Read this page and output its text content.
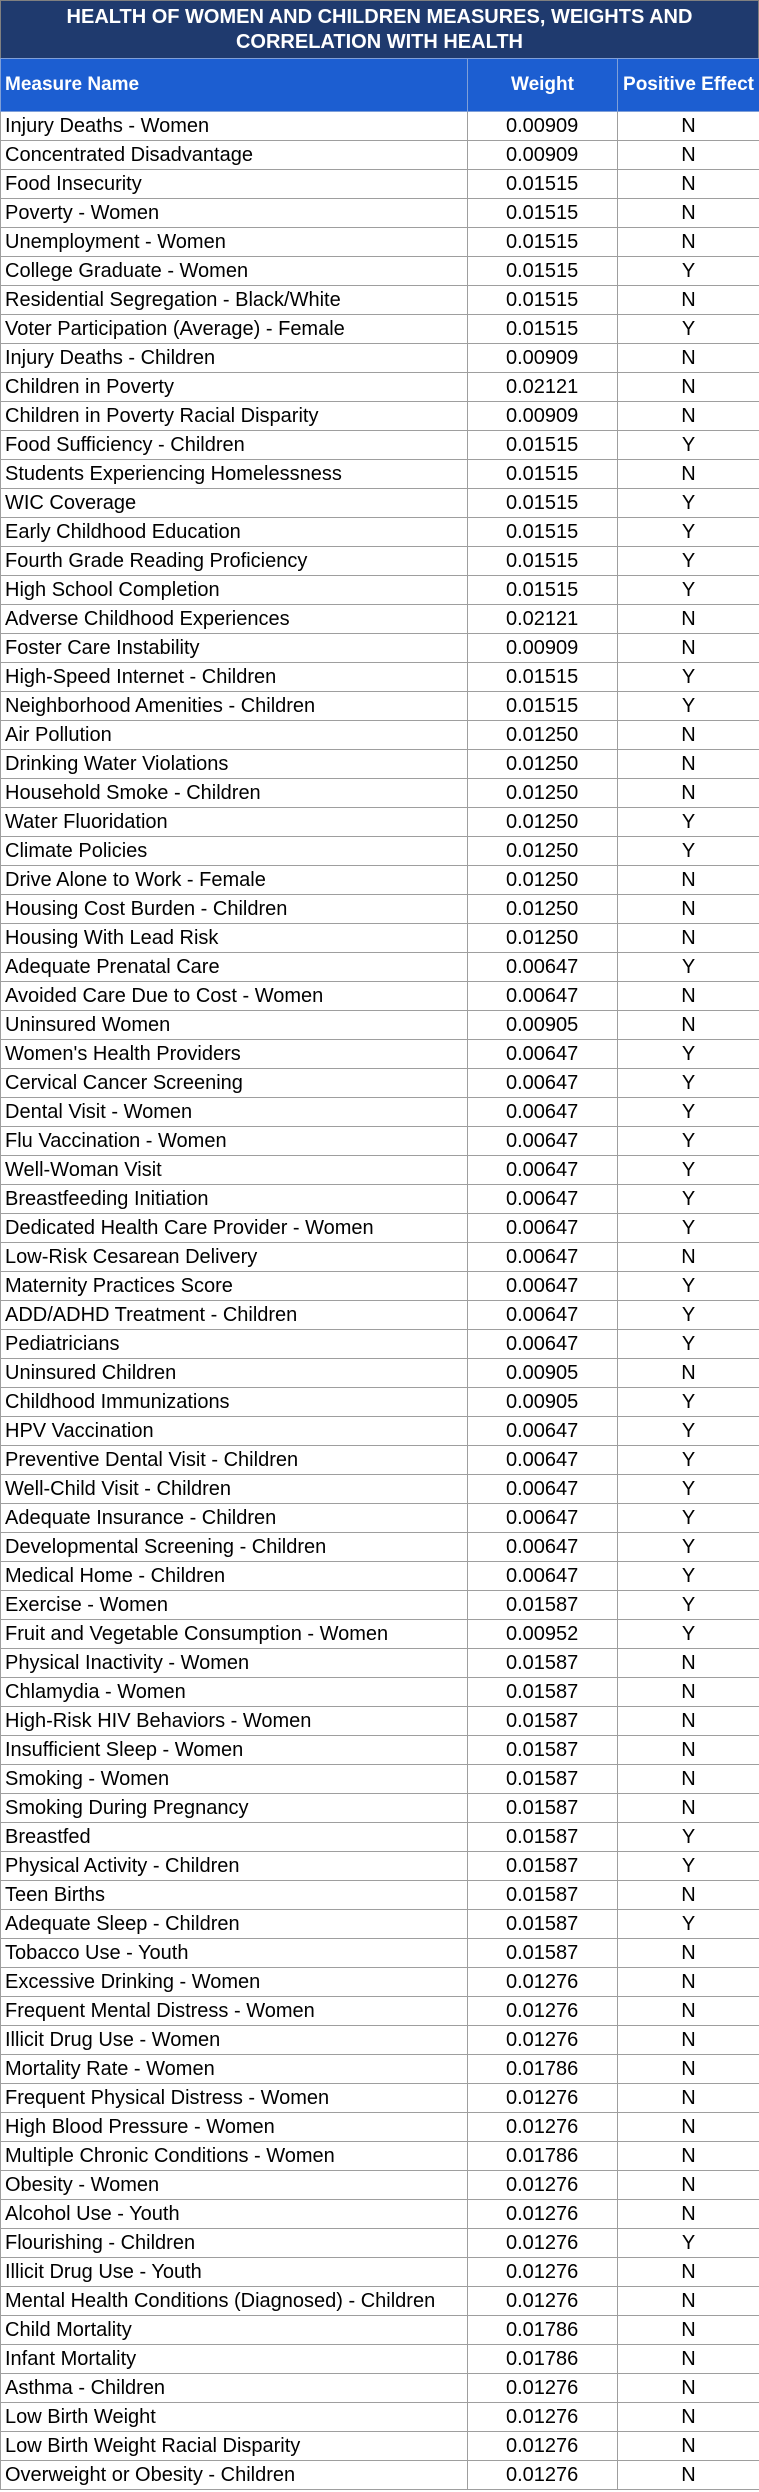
HEALTH OF WOMEN AND CHILDREN MEASURES, WEIGHTS AND CORRELATION WITH HEALTH
Measure Name	Weight	Positive Effect
Injury Deaths - Women	0.00909	N
Concentrated Disadvantage	0.00909	N
Food Insecurity	0.01515	N
Poverty - Women	0.01515	N
Unemployment - Women	0.01515	N
College Graduate - Women	0.01515	Y
Residential Segregation - Black/White	0.01515	N
Voter Participation (Average) - Female	0.01515	Y
Injury Deaths - Children	0.00909	N
Children in Poverty	0.02121	N
Children in Poverty Racial Disparity	0.00909	N
Food Sufficiency - Children	0.01515	Y
Students Experiencing Homelessness	0.01515	N
WIC Coverage	0.01515	Y
Early Childhood Education	0.01515	Y
Fourth Grade Reading Proficiency	0.01515	Y
High School Completion	0.01515	Y
Adverse Childhood Experiences	0.02121	N
Foster Care Instability	0.00909	N
High-Speed Internet - Children	0.01515	Y
Neighborhood Amenities - Children	0.01515	Y
Air Pollution	0.01250	N
Drinking Water Violations	0.01250	N
Household Smoke - Children	0.01250	N
Water Fluoridation	0.01250	Y
Climate Policies	0.01250	Y
Drive Alone to Work - Female	0.01250	N
Housing Cost Burden - Children	0.01250	N
Housing With Lead Risk	0.01250	N
Adequate Prenatal Care	0.00647	Y
Avoided Care Due to Cost - Women	0.00647	N
Uninsured Women	0.00905	N
Women's Health Providers	0.00647	Y
Cervical Cancer Screening	0.00647	Y
Dental Visit - Women	0.00647	Y
Flu Vaccination - Women	0.00647	Y
Well-Woman Visit	0.00647	Y
Breastfeeding Initiation	0.00647	Y
Dedicated Health Care Provider - Women	0.00647	Y
Low-Risk Cesarean Delivery	0.00647	N
Maternity Practices Score	0.00647	Y
ADD/ADHD Treatment - Children	0.00647	Y
Pediatricians	0.00647	Y
Uninsured Children	0.00905	N
Childhood Immunizations	0.00905	Y
HPV Vaccination	0.00647	Y
Preventive Dental Visit - Children	0.00647	Y
Well-Child Visit - Children	0.00647	Y
Adequate Insurance - Children	0.00647	Y
Developmental Screening - Children	0.00647	Y
Medical Home - Children	0.00647	Y
Exercise - Women	0.01587	Y
Fruit and Vegetable Consumption - Women	0.00952	Y
Physical Inactivity - Women	0.01587	N
Chlamydia - Women	0.01587	N
High-Risk HIV Behaviors - Women	0.01587	N
Insufficient Sleep - Women	0.01587	N
Smoking - Women	0.01587	N
Smoking During Pregnancy	0.01587	N
Breastfed	0.01587	Y
Physical Activity - Children	0.01587	Y
Teen Births	0.01587	N
Adequate Sleep - Children	0.01587	Y
Tobacco Use - Youth	0.01587	N
Excessive Drinking - Women	0.01276	N
Frequent Mental Distress - Women	0.01276	N
Illicit Drug Use - Women	0.01276	N
Mortality Rate - Women	0.01786	N
Frequent Physical Distress - Women	0.01276	N
High Blood Pressure - Women	0.01276	N
Multiple Chronic Conditions - Women	0.01786	N
Obesity - Women	0.01276	N
Alcohol Use - Youth	0.01276	N
Flourishing - Children	0.01276	Y
Illicit Drug Use - Youth	0.01276	N
Mental Health Conditions (Diagnosed) - Children	0.01276	N
Child Mortality	0.01786	N
Infant Mortality	0.01786	N
Asthma - Children	0.01276	N
Low Birth Weight	0.01276	N
Low Birth Weight Racial Disparity	0.01276	N
Overweight or Obesity - Children	0.01276	N
